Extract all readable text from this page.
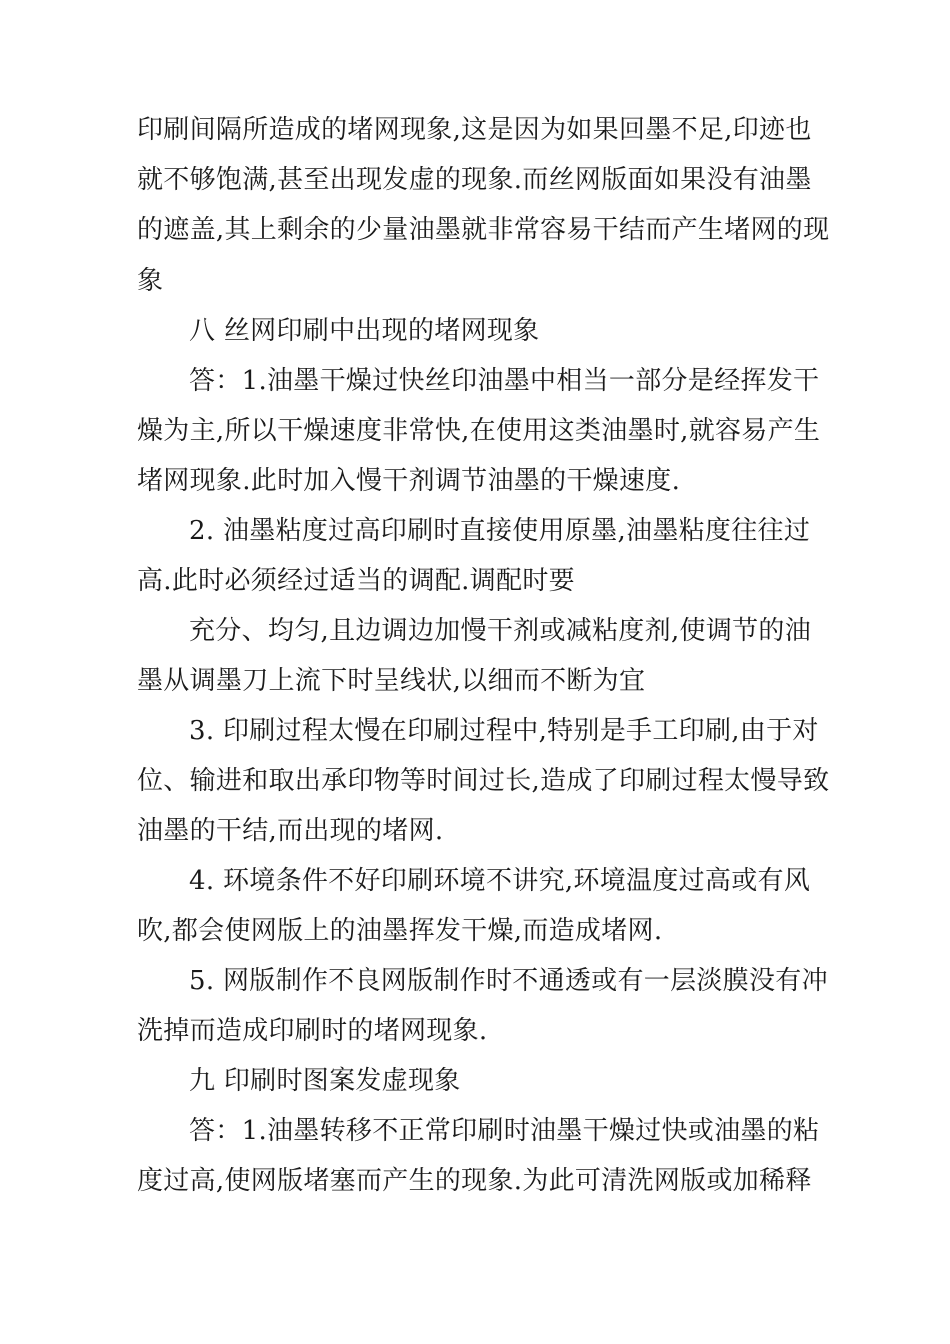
印刷间隔所造成的堵网现象,这是因为如果回墨不足,印迹也
就不够饱满,甚至出现发虚的现象.而丝网版面如果没有油墨
的遮盖,其上剩余的少量油墨就非常容易干结而产生堵网的现
象
八 丝网印刷中出现的堵网现象
答：1.油墨干燥过快丝印油墨中相当一部分是经挥发干
燥为主,所以干燥速度非常快,在使用这类油墨时,就容易产生
堵网现象.此时加入慢干剂调节油墨的干燥速度.
2. 油墨粘度过高印刷时直接使用原墨,油墨粘度往往过
高.此时必须经过适当的调配.调配时要
充分、均匀,且边调边加慢干剂或减粘度剂,使调节的油
墨从调墨刀上流下时呈线状,以细而不断为宜
3. 印刷过程太慢在印刷过程中,特别是手工印刷,由于对
位、输进和取出承印物等时间过长,造成了印刷过程太慢导致
油墨的干结,而出现的堵网.
4. 环境条件不好印刷环境不讲究,环境温度过高或有风
吹,都会使网版上的油墨挥发干燥,而造成堵网.
5. 网版制作不良网版制作时不通透或有一层淡膜没有冲
洗掉而造成印刷时的堵网现象.
九 印刷时图案发虚现象
答：1.油墨转移不正常印刷时油墨干燥过快或油墨的粘
度过高,使网版堵塞而产生的现象.为此可清洗网版或加稀释
